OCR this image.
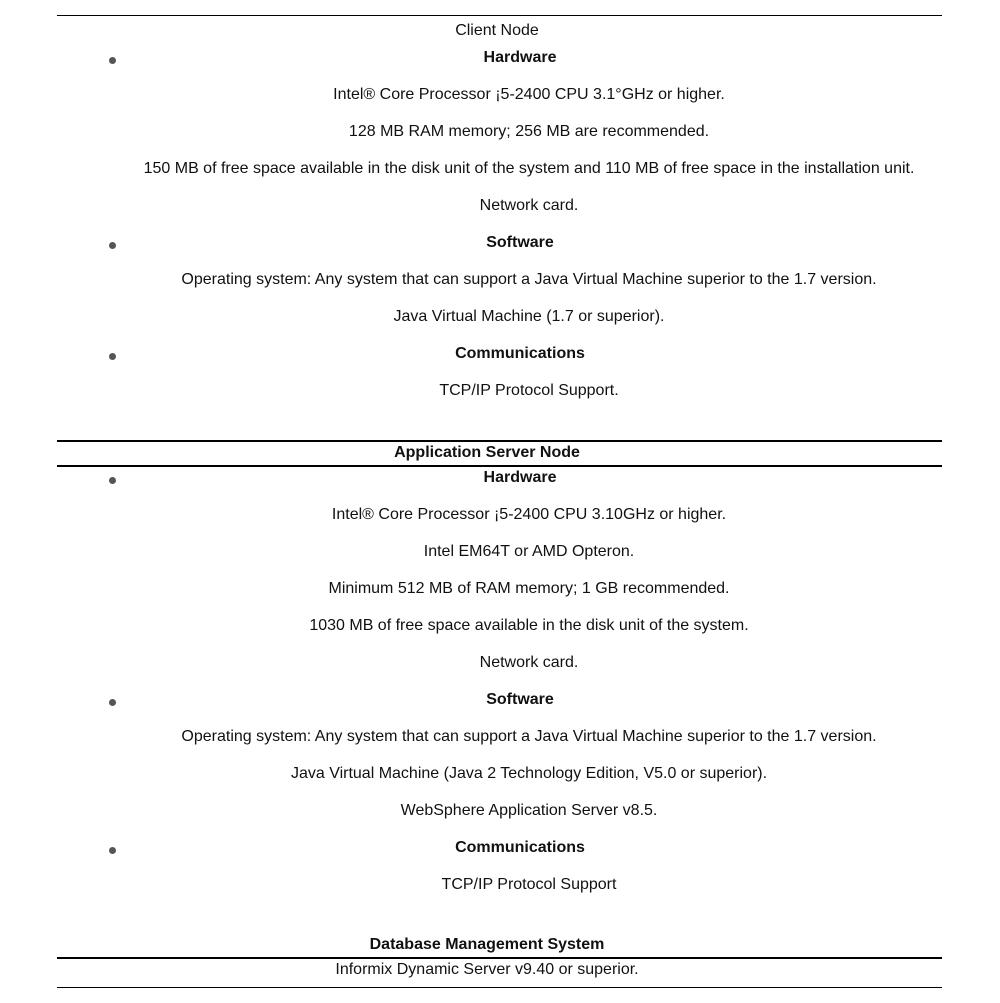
Client Node
Hardware
Intel® Core Processor ¡5-2400 CPU 3.1°GHz or higher.
128 MB RAM memory; 256 MB are recommended.
150 MB of free space available in the disk unit of the system and 110 MB of free space in the installation unit.
Network card.
Software
Operating system: Any system that can support a Java Virtual Machine superior to the 1.7 version.
Java Virtual Machine (1.7 or superior).
Communications
TCP/IP Protocol Support.
Application Server Node
Hardware
Intel® Core Processor ¡5-2400 CPU 3.10GHz or higher.
Intel EM64T or AMD Opteron.
Minimum 512 MB of RAM memory; 1 GB recommended.
1030 MB of free space available in the disk unit of the system.
Network card.
Software
Operating system: Any system that can support a Java Virtual Machine superior to the 1.7 version.
Java Virtual Machine (Java 2 Technology Edition, V5.0 or superior).
WebSphere Application Server v8.5.
Communications
TCP/IP Protocol Support
Database Management System
Informix Dynamic Server v9.40 or superior.
